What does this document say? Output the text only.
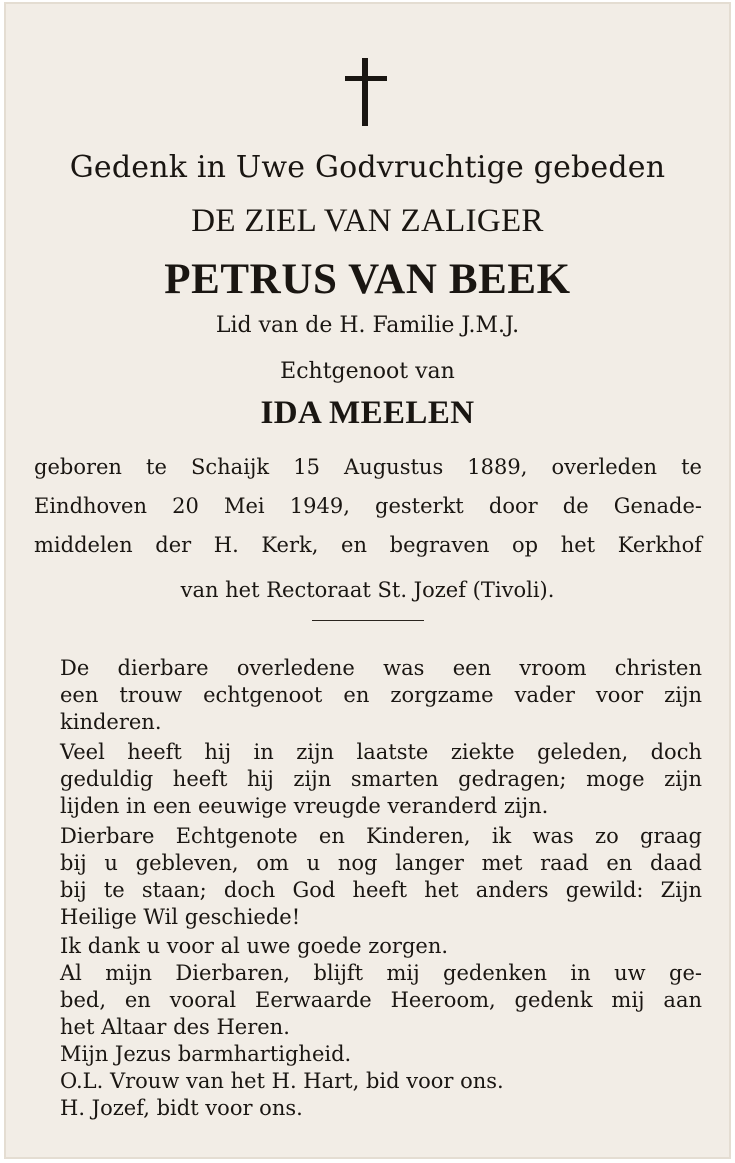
Gedenk in Uwe Godvruchtige gebeden
DE ZIEL VAN ZALIGER
PETRUS VAN BEEK
Lid van de H. Familie J.M.J.
Echtgenoot van
IDA MEELEN
geboren te Schaijk 15 Augustus 1889, overleden te
Eindhoven 20 Mei 1949, gesterkt door de Genade-
middelen der H. Kerk, en begraven op het Kerkhof
van het Rectoraat St. Jozef (Tivoli).
De dierbare overledene was een vroom christen
een trouw echtgenoot en zorgzame vader voor zijn
kinderen.
Veel heeft hij in zijn laatste ziekte geleden, doch
geduldig heeft hij zijn smarten gedragen; moge zijn
lijden in een eeuwige vreugde veranderd zijn.
Dierbare Echtgenote en Kinderen, ik was zo graag
bij u gebleven, om u nog langer met raad en daad
bij te staan; doch God heeft het anders gewild: Zijn
Heilige Wil geschiede!
Ik dank u voor al uwe goede zorgen.
Al mijn Dierbaren, blijft mij gedenken in uw ge-
bed, en vooral Eerwaarde Heeroom, gedenk mij aan
het Altaar des Heren.
Mijn Jezus barmhartigheid.
O.L. Vrouw van het H. Hart, bid voor ons.
H. Jozef, bidt voor ons.
